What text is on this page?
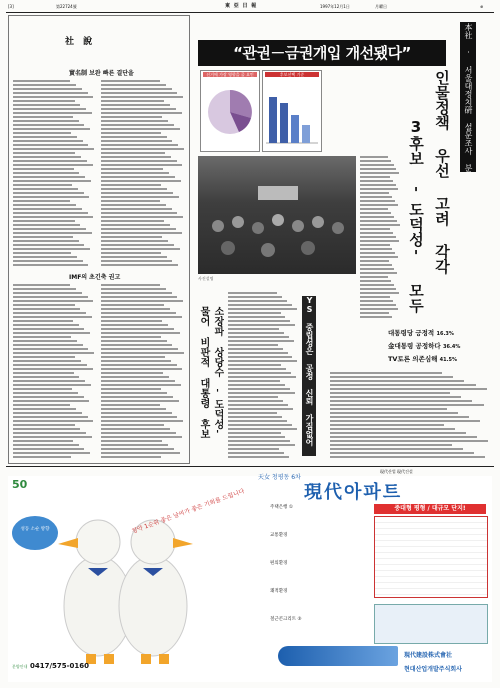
[3]	第22724號	東 亞 日 報	1997年12月1日	月曜日	⊕
社 說
實名制 보완 빠른 결단을
IMF의 초긴축 권고
“관권－금권개입 개선됐다”
本社 · 서울대정치硏 설문조사 분
선거에 가장 영향을 줄 요인	후보선택 기준
사진설명
인물정책 우선 고려 각각
3후보 '도덕성' 모두
대통령당 긍정적 16.3%
金대통령 공정하다 36.4%
TV토론 의존심해 41.5%
YS 중립성은 공정 신뢰 가짐없어
소장파 상당수 '도덕성' 물어 비판적 대통령 후보
現代산업 現代건설
50
성동 소순 방향	청약 1순위 좋은 날씨가 좋은 기회를 드립니다
분양안내 0417/575-0160
天女 청평동 6차
現代아파트
중대형 평형 / 대규모 단지!
주택은행 ①
교통환경
편의환경
쾌적환경
철근콘크리트 ⑤
現代建設株式會社
현대산업개발주식회사
